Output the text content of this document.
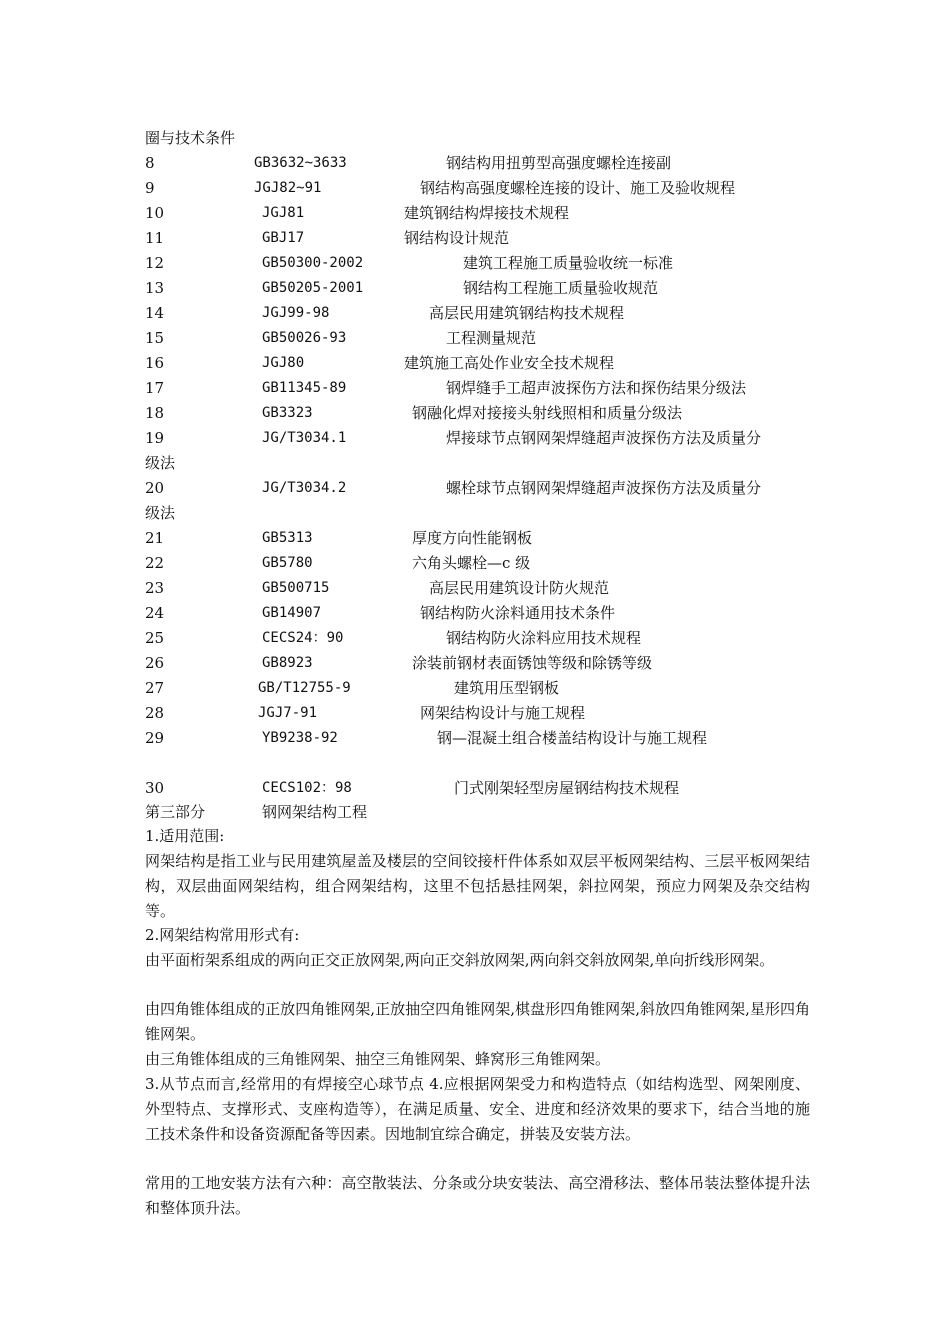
圈与技术条件
8	GB3632~3633	钢结构用扭剪型高强度螺栓连接副
9	JGJ82~91	钢结构高强度螺栓连接的设计、施工及验收规程
10	JGJ81	建筑钢结构焊接技术规程
11	GBJ17	钢结构设计规范
12	GB50300-2002	建筑工程施工质量验收统一标准
13	GB50205-2001	钢结构工程施工质量验收规范
14	JGJ99-98	高层民用建筑钢结构技术规程
15	GB50026-93	工程测量规范
16	JGJ80	建筑施工高处作业安全技术规程
17	GB11345-89	钢焊缝手工超声波探伤方法和探伤结果分级法
18	GB3323	钢融化焊对接接头射线照相和质量分级法
19	JG/T3034.1	焊接球节点钢网架焊缝超声波探伤方法及质量分
级法
20	JG/T3034.2	螺栓球节点钢网架焊缝超声波探伤方法及质量分
级法
21	GB5313	厚度方向性能钢板
22	GB5780	六角头螺栓—c 级
23	GB500715	高层民用建筑设计防火规范
24	GB14907	钢结构防火涂料通用技术条件
25	CECS24：90	钢结构防火涂料应用技术规程
26	GB8923	涂装前钢材表面锈蚀等级和除锈等级
27	GB/T12755-9	建筑用压型钢板
28	JGJ7-91	网架结构设计与施工规程
29	YB9238-92	钢—混凝土组合楼盖结构设计与施工规程
30	CECS102：98	门式刚架轻型房屋钢结构技术规程
第三部分	钢网架结构工程
1.适用范围:
网架结构是指工业与民用建筑屋盖及楼层的空间铰接杆件体系如双层平板网架结构、三层平板网架结构，双层曲面网架结构，组合网架结构，这里不包括悬挂网架，斜拉网架，预应力网架及杂交结构等。
2.网架结构常用形式有:
由平面桁架系组成的两向正交正放网架,两向正交斜放网架,两向斜交斜放网架,单向折线形网架。
由四角锥体组成的正放四角锥网架,正放抽空四角锥网架,棋盘形四角锥网架,斜放四角锥网架,星形四角锥网架。
由三角锥体组成的三角锥网架、抽空三角锥网架、蜂窝形三角锥网架。
3.从节点而言,经常用的有焊接空心球节点 4.应根据网架受力和构造特点（如结构选型、网架刚度、外型特点、支撑形式、支座构造等），在满足质量、安全、进度和经济效果的要求下，结合当地的施工技术条件和设备资源配备等因素。因地制宜综合确定，拼装及安装方法。
常用的工地安装方法有六种：高空散装法、分条或分块安装法、高空滑移法、整体吊装法整体提升法和整体顶升法。
